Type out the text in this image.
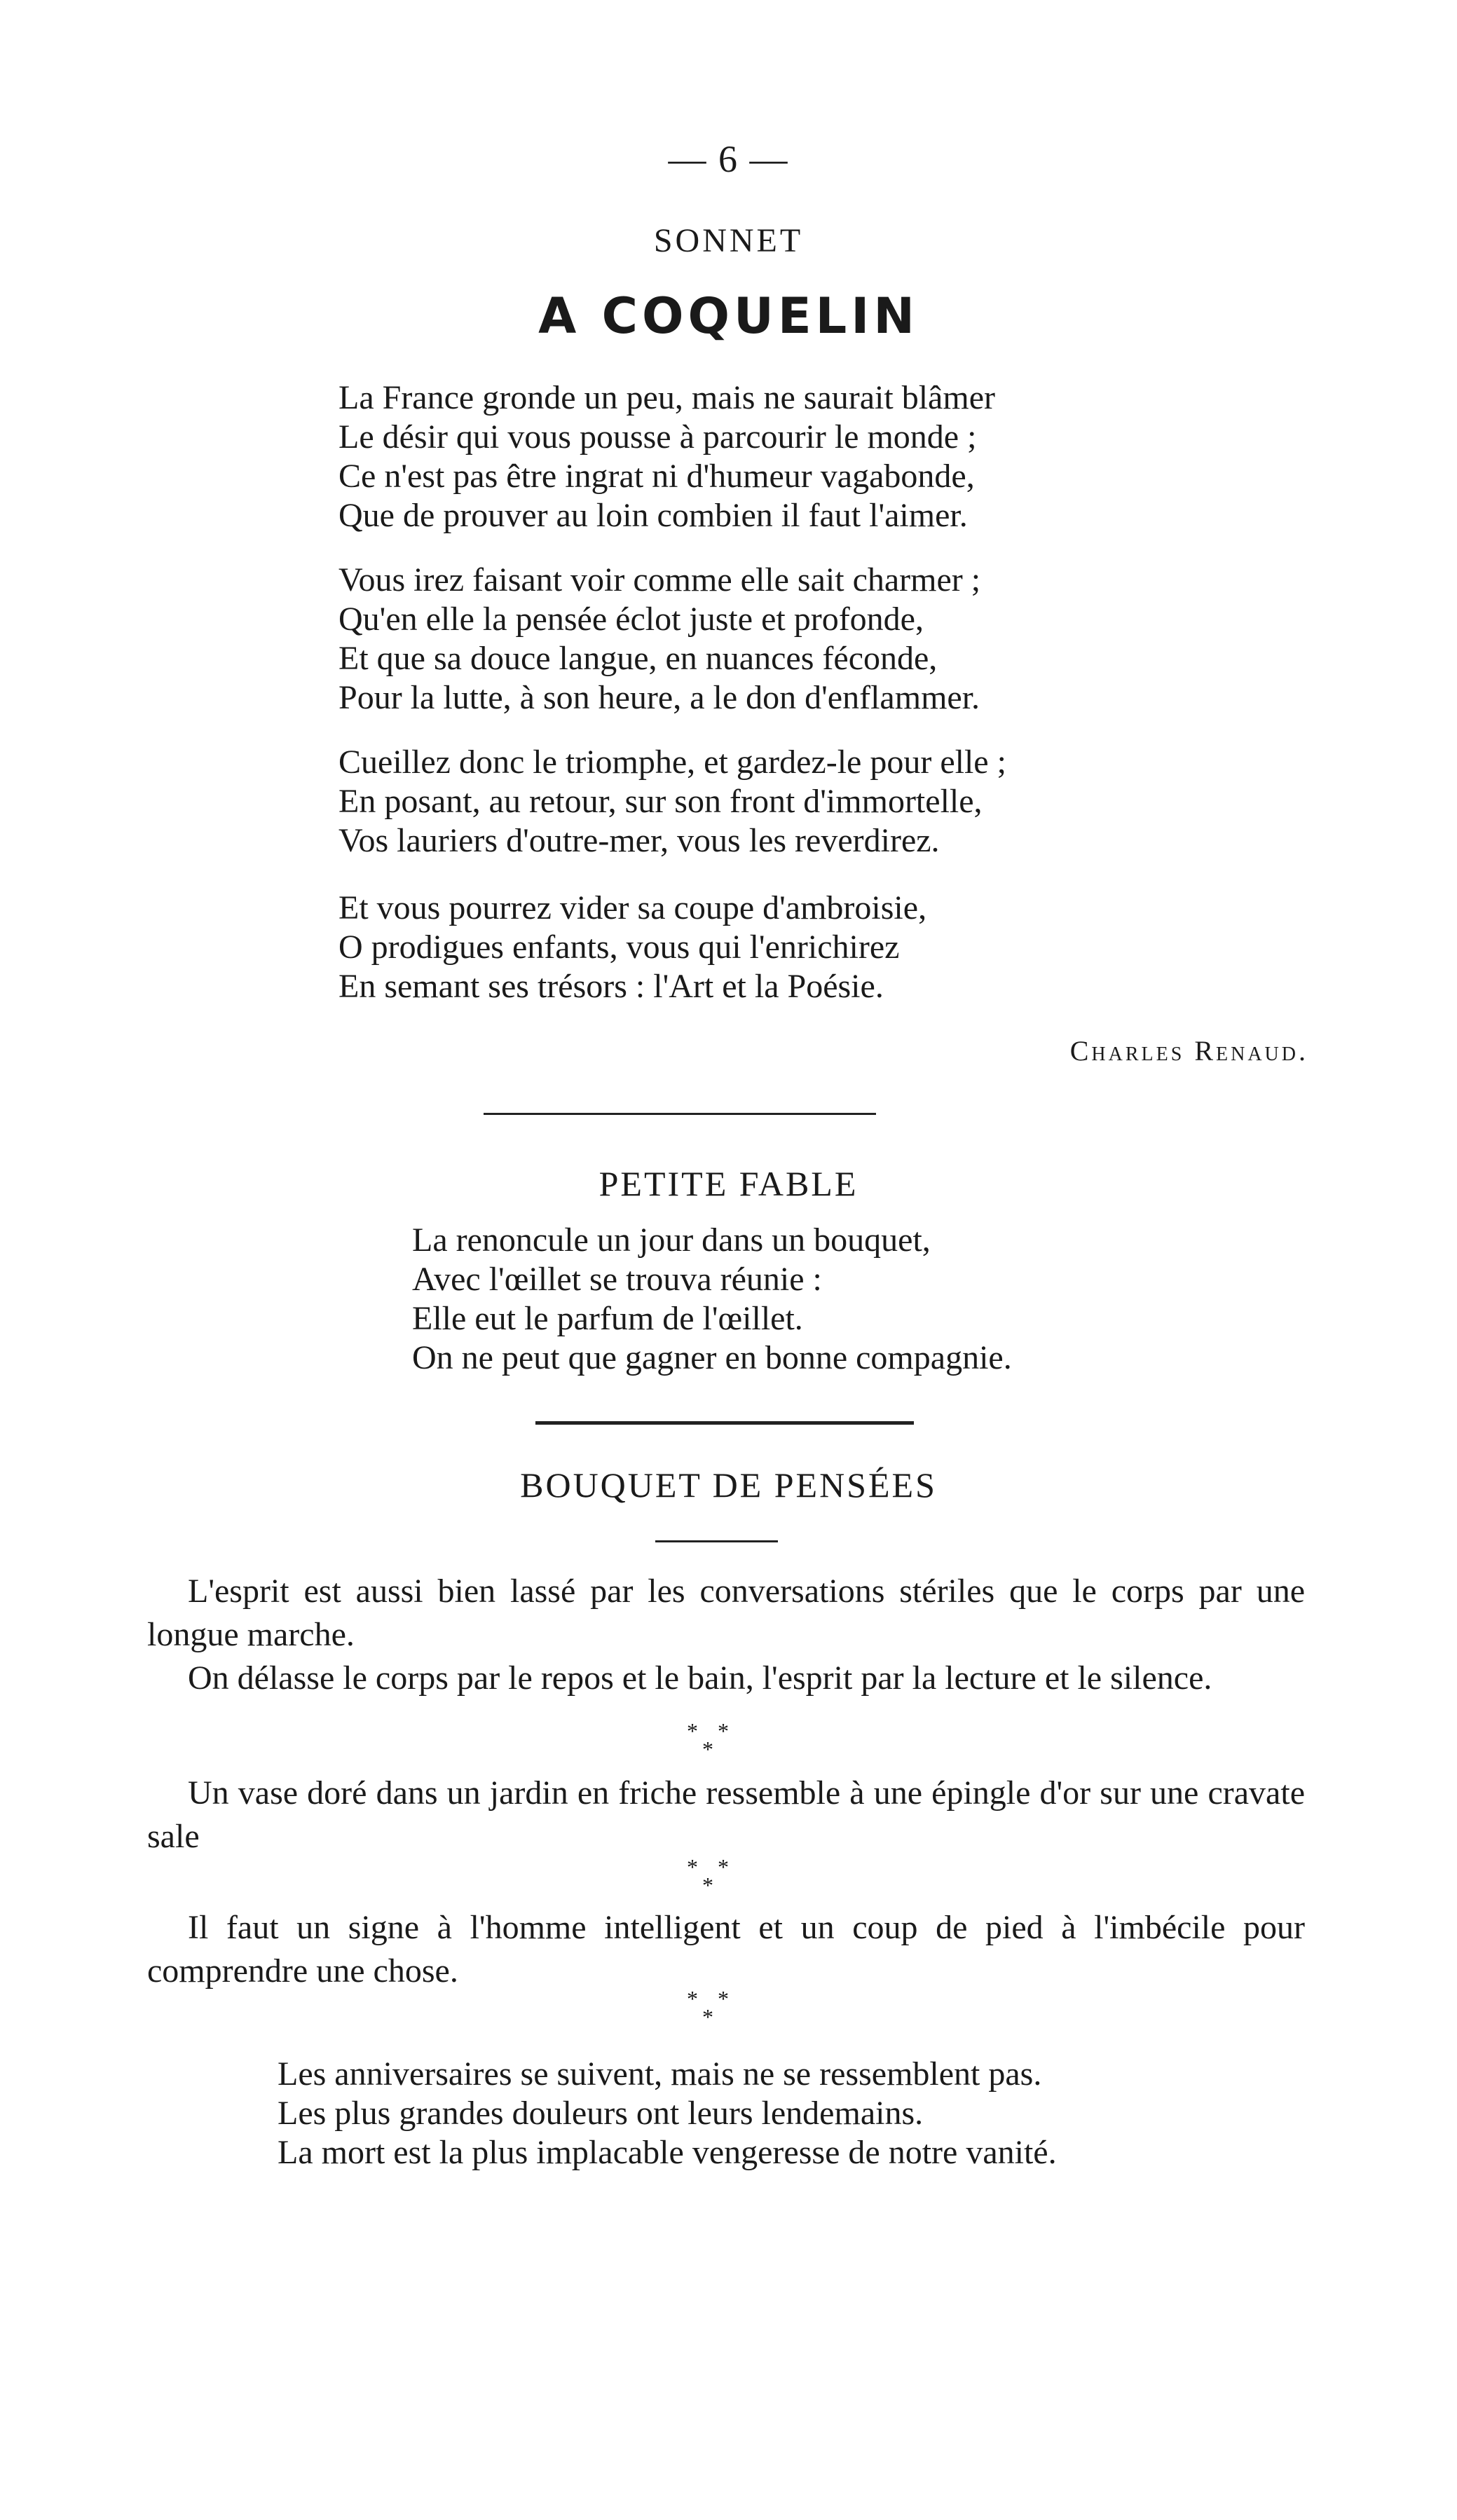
— 6 —
SONNET
A COQUELIN
La France gronde un peu, mais ne saurait blâmer
Le désir qui vous pousse à parcourir le monde ;
Ce n'est pas être ingrat ni d'humeur vagabonde,
Que de prouver au loin combien il faut l'aimer.
Vous irez faisant voir comme elle sait charmer ;
Qu'en elle la pensée éclot juste et profonde,
Et que sa douce langue, en nuances féconde,
Pour la lutte, à son heure, a le don d'enflammer.
Cueillez donc le triomphe, et gardez-le pour elle ;
En posant, au retour, sur son front d'immortelle,
Vos lauriers d'outre-mer, vous les reverdirez.
Et vous pourrez vider sa coupe d'ambroisie,
O prodigues enfants, vous qui l'enrichirez
En semant ses trésors : l'Art et la Poésie.
Charles Renaud.
PETITE FABLE
La renoncule un jour dans un bouquet,
Avec l'œillet se trouva réunie :
Elle eut le parfum de l'œillet.
On ne peut que gagner en bonne compagnie.
BOUQUET DE PENSÉES

L'esprit est aussi bien lassé par les conversations stériles que le corps par une longue marche.

On délasse le corps par le repos et le bain, l'esprit par la lecture et le silence.

* *
*

Un vase doré dans un jardin en friche ressemble à une épingle d'or sur une cravate sale

* *
*

Il faut un signe à l'homme intelligent et un coup de pied à l'imbécile pour comprendre une chose.

* *
*
Les anniversaires se suivent, mais ne se ressemblent pas.
Les plus grandes douleurs ont leurs lendemains.
La mort est la plus implacable vengeresse de notre vanité.
